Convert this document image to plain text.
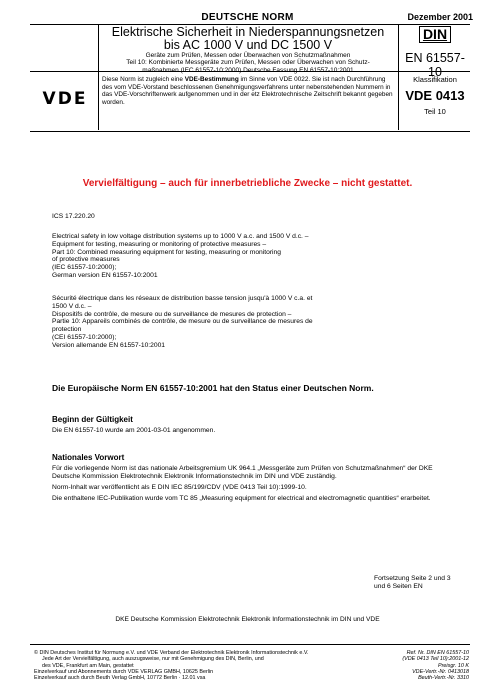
DEUTSCHE NORM	Dezember 2001
Elektrische Sicherheit in Niederspannungsnetzen
bis AC 1000 V und DC 1500 V
Geräte zum Prüfen, Messen oder Überwachen von Schutzmaßnahmen
Teil 10: Kombinierte Messgeräte zum Prüfen, Messen oder Überwachen von Schutz-
maßnahmen (IEC 61557-10:2000) Deutsche Fassung EN 61557-10:2001
DIN
EN 61557-10
VDE
Diese Norm ist zugleich eine VDE-Bestimmung im Sinne von VDE 0022. Sie ist nach Durchführung des vom VDE-Vorstand beschlossenen Genehmigungsverfahrens unter nebenstehenden Nummern in das VDE-Vorschriftenwerk aufgenommen und in der etz Elektrotechnische Zeitschrift bekannt gegeben worden.
Klassifikation
VDE 0413
Teil 10
Vervielfältigung – auch für innerbetriebliche Zwecke – nicht gestattet.
ICS 17.220.20
Electrical safety in low voltage distribution systems up to 1000 V a.c. and 1500 V d.c. –
Equipment for testing, measuring or monitoring of protective measures –
Part 10: Combined measuring equipment for testing, measuring or monitoring
of protective measures
(IEC 61557-10:2000);
German version EN 61557-10:2001
Sécurité électrique dans les réseaux de distribution basse tension jusqu'à 1000 V c.a. et
1500 V d.c. –
Dispositifs de contrôle, de mesure ou de surveillance de mesures de protection –
Partie 10: Appareils combinés de contrôle, de mesure ou de surveillance de mesures de
protection
(CEI 61557-10:2000);
Version allemande EN 61557-10:2001
Die Europäische Norm EN 61557-10:2001 hat den Status einer Deutschen Norm.
Beginn der Gültigkeit
Die EN 61557-10 wurde am 2001-03-01 angenommen.
Nationales Vorwort

Für die vorliegende Norm ist das nationale Arbeitsgremium UK 964.1 „Messgeräte zum Prüfen von Schutzmaßnahmen“ der DKE Deutsche Kommission Elektrotechnik Elektronik Informationstechnik im DIN und VDE zuständig.

Norm-Inhalt war veröffentlicht als E DIN IEC 85/199/CDV (VDE 0413 Teil 10):1999-10.

Die enthaltene IEC-Publikation wurde vom TC 85 „Measuring equipment for electrical and electromagnetic quantities“ erarbeitet.

Fortsetzung Seite 2 und 3
und 6 Seiten EN
DKE Deutsche Kommission Elektrotechnik Elektronik Informationstechnik im DIN und VDE
© DIN Deutsches Institut für Normung e.V. und VDE Verband der Elektrotechnik Elektronik Informationstechnik e.V.
Jede Art der Vervielfältigung, auch auszugsweise, nur mit Genehmigung des DIN, Berlin, und
des VDE, Frankfurt am Main, gestattet
Einzelverkauf und Abonnements durch VDE VERLAG GMBH, 10625 Berlin
Einzelverkauf auch durch Beuth Verlag GmbH, 10772 Berlin · 12.01 vsa
Ref. Nr. DIN EN 61557-10
(VDE 0413 Teil 10):2001-12
Preisgr. 10 K
VDE-Vertr.-Nr. 0413018
Beuth-Vertr.-Nr. 3310
